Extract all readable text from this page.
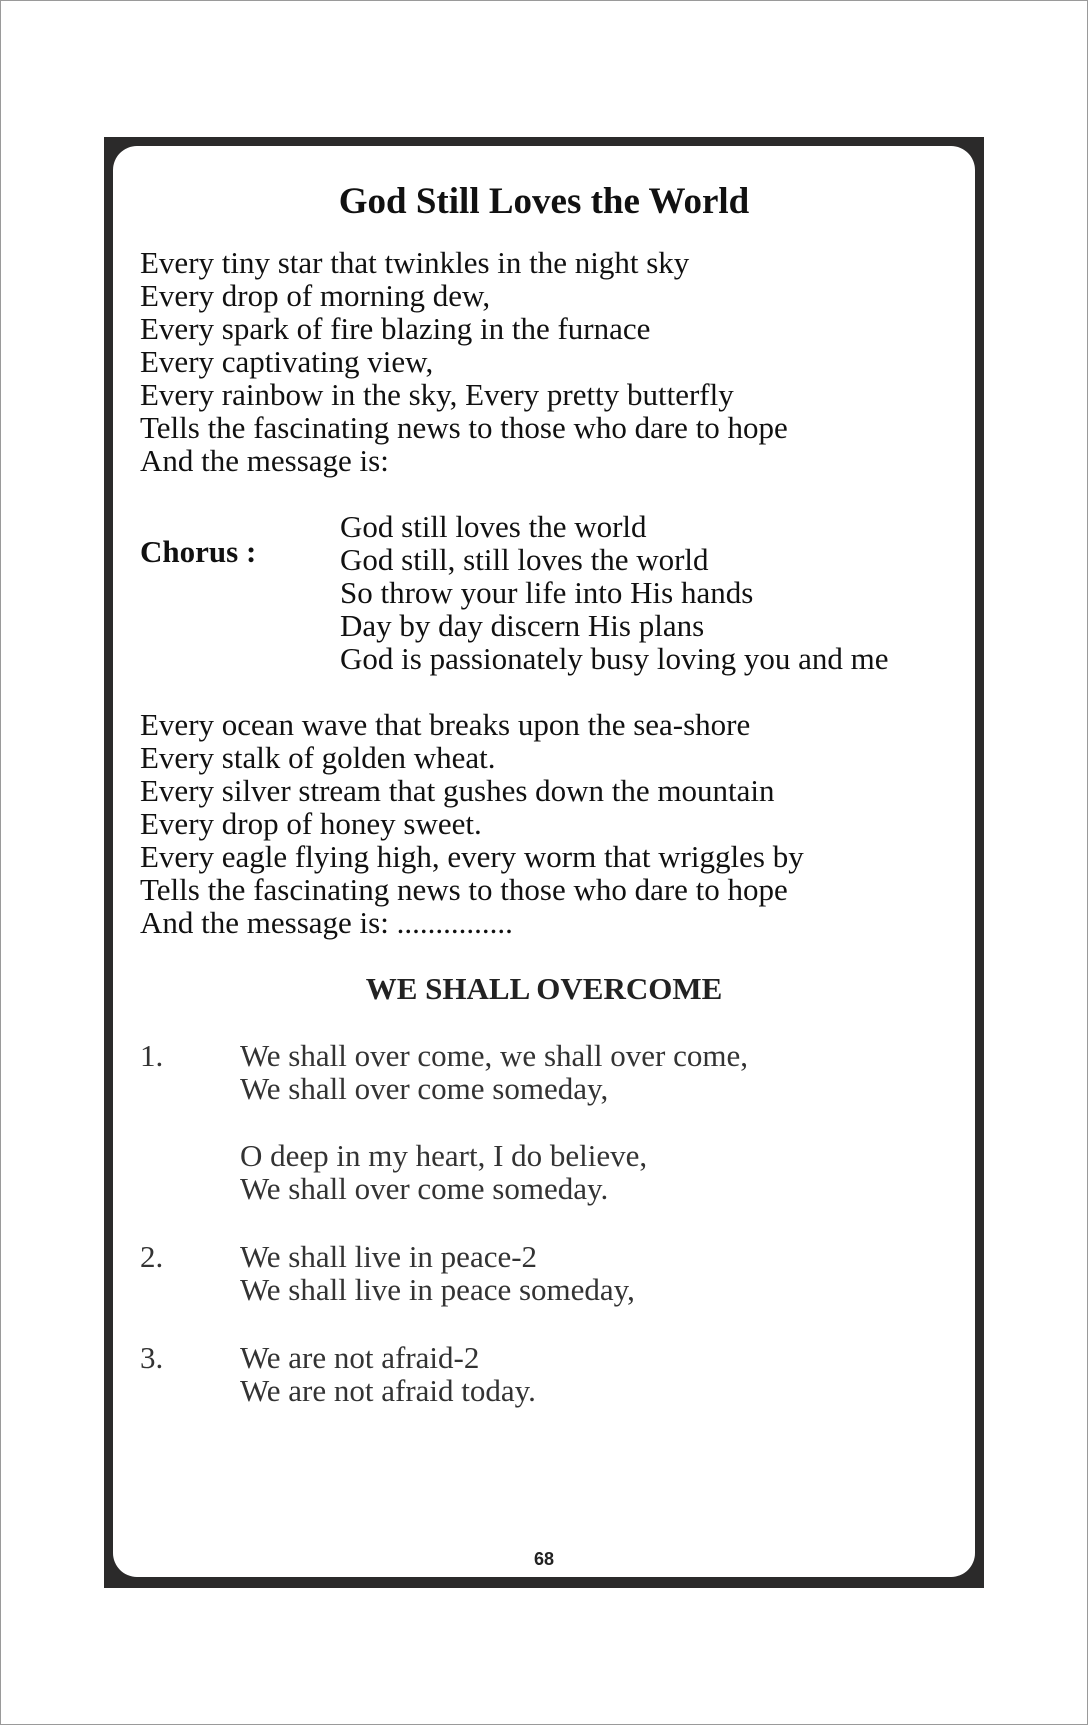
God Still Loves the World
Every tiny star that twinkles in the night sky
Every drop of morning dew,
Every spark of fire blazing in the furnace
Every captivating view,
Every rainbow in the sky, Every pretty butterfly
Tells the fascinating news to those who dare to hope
And the message is:
Chorus :
God still loves the world
God still, still loves the world
So throw your life into His hands
Day by day discern His plans
God is passionately busy loving you and me
Every ocean wave that breaks upon the sea-shore
Every stalk of golden wheat.
Every silver stream that gushes down the mountain
Every drop of honey sweet.
Every eagle flying high, every worm that wriggles by
Tells the fascinating news to those who dare to hope
And the message is: ...............
WE SHALL OVERCOME
1. We shall over come, we shall over come,
We shall over come someday,
O deep in my heart, I do believe,
We shall over come someday.
2. We shall live in peace-2
We shall live in peace someday,
3. We are not afraid-2
We are not afraid today.
68
